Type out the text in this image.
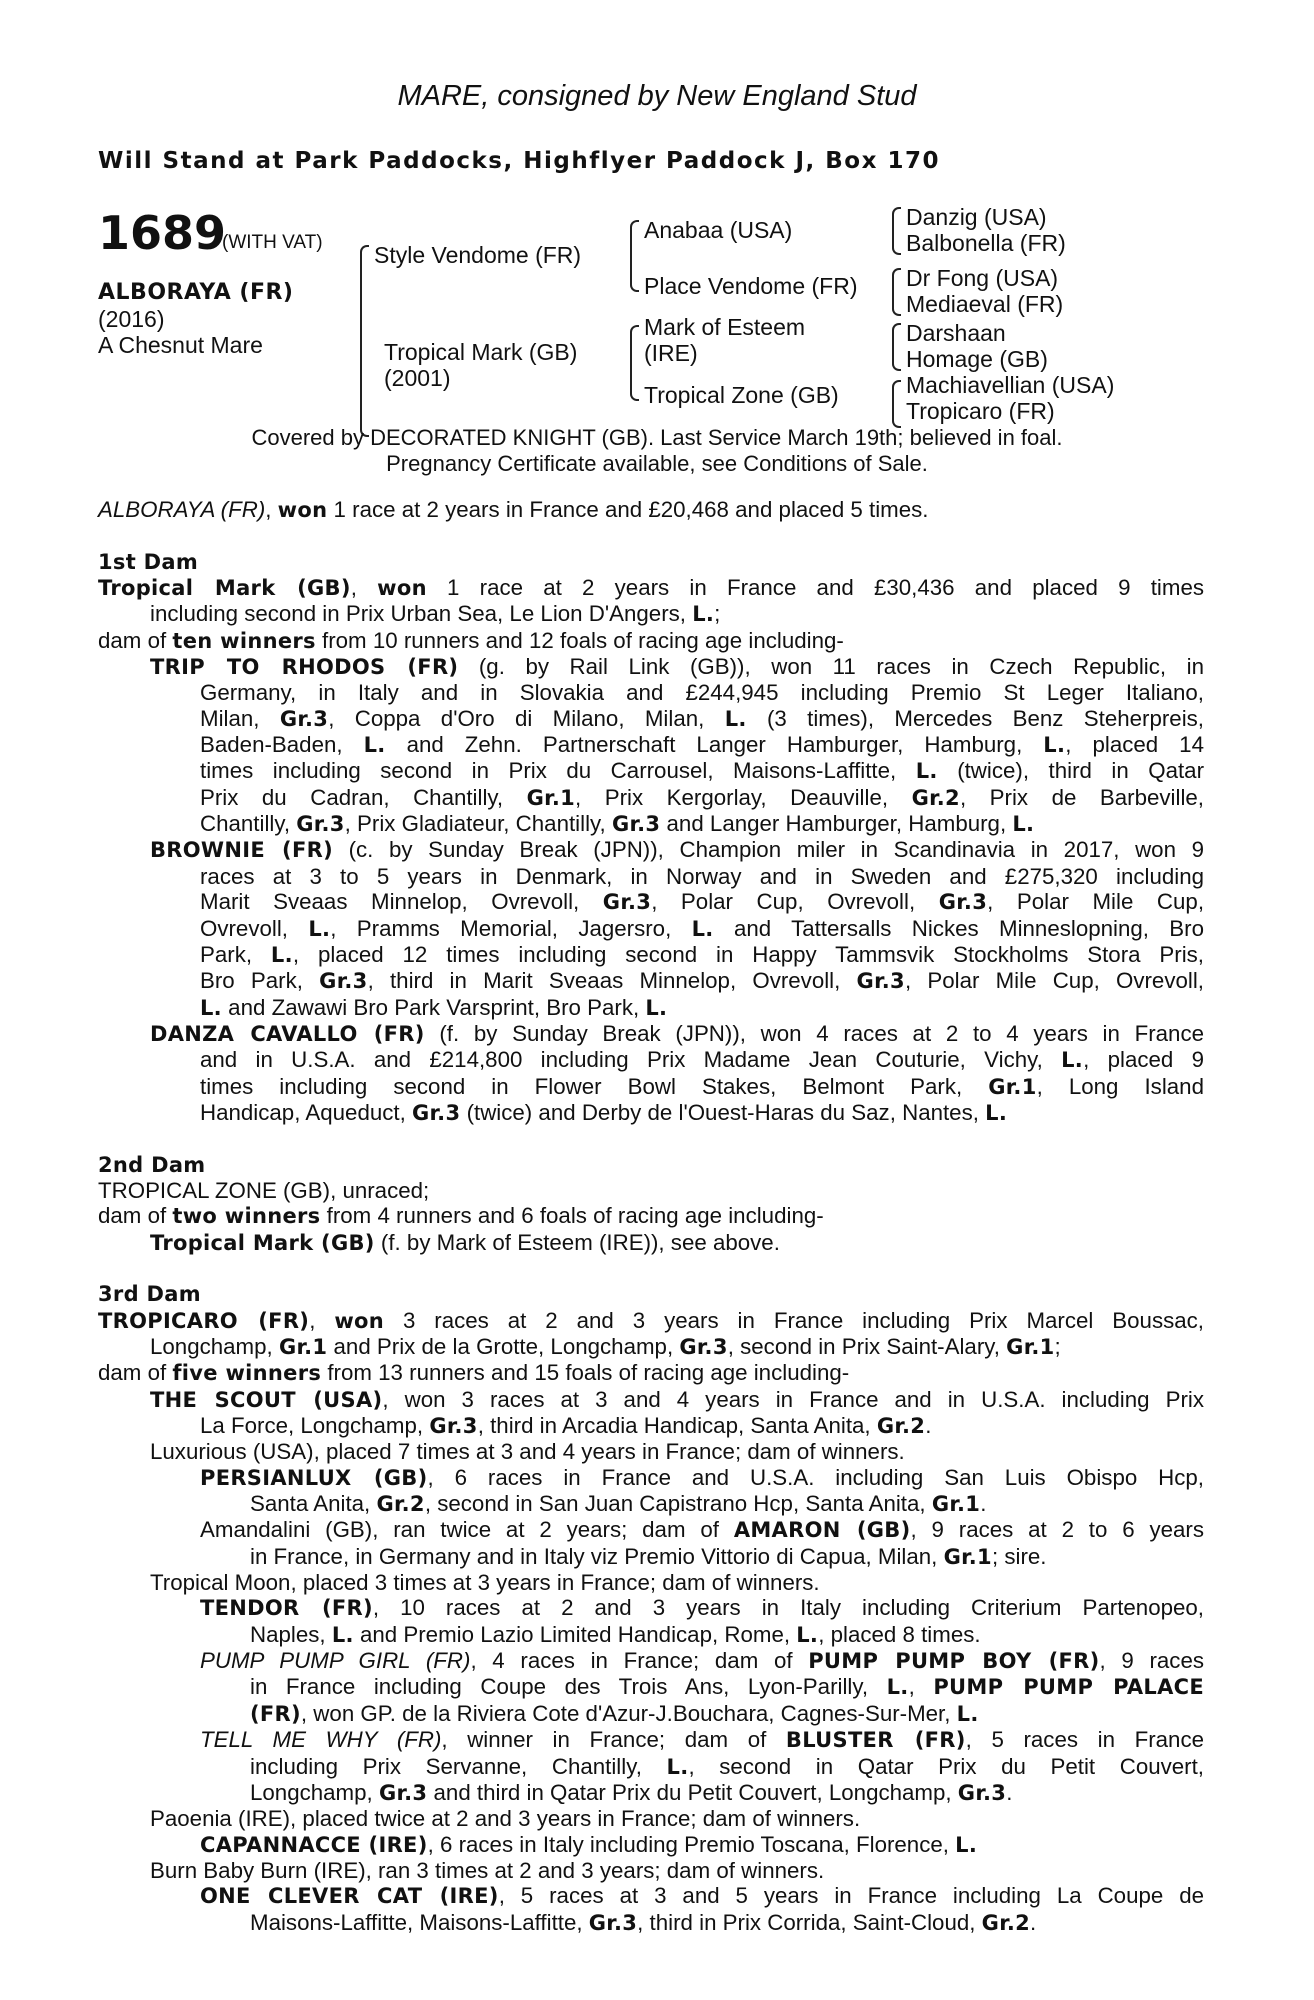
MARE, consigned by New England Stud
Will Stand at Park Paddocks, Highflyer Paddock J, Box 170
1689
(WITH VAT)
ALBORAYA (FR)
(2016)
A Chesnut Mare
Style Vendome (FR)
Tropical Mark (GB)
(2001)
Anabaa (USA)
Place Vendome (FR)
Mark of Esteem
(IRE)
Tropical Zone (GB)
Danzig (USA)
Balbonella (FR)
Dr Fong (USA)
Mediaeval (FR)
Darshaan
Homage (GB)
Machiavellian (USA)
Tropicaro (FR)
Covered by DECORATED KNIGHT (GB). Last Service March 19th; believed in foal.
Pregnancy Certificate available, see Conditions of Sale.
ALBORAYA (FR), won 1 race at 2 years in France and £20,468 and placed 5 times.
1st Dam
Tropical Mark (GB), won 1 race at 2 years in France and £30,436 and placed 9 times
including second in Prix Urban Sea, Le Lion D'Angers, L.;
dam of ten winners from 10 runners and 12 foals of racing age including-
TRIP TO RHODOS (FR) (g. by Rail Link (GB)), won 11 races in Czech Republic, in
Germany, in Italy and in Slovakia and £244,945 including Premio St Leger Italiano,
Milan, Gr.3, Coppa d'Oro di Milano, Milan, L. (3 times), Mercedes Benz Steherpreis,
Baden-Baden, L. and Zehn. Partnerschaft Langer Hamburger, Hamburg, L., placed 14
times including second in Prix du Carrousel, Maisons-Laffitte, L. (twice), third in Qatar
Prix du Cadran, Chantilly, Gr.1, Prix Kergorlay, Deauville, Gr.2, Prix de Barbeville,
Chantilly, Gr.3, Prix Gladiateur, Chantilly, Gr.3 and Langer Hamburger, Hamburg, L.
BROWNIE (FR) (c. by Sunday Break (JPN)), Champion miler in Scandinavia in 2017, won 9
races at 3 to 5 years in Denmark, in Norway and in Sweden and £275,320 including
Marit Sveaas Minnelop, Ovrevoll, Gr.3, Polar Cup, Ovrevoll, Gr.3, Polar Mile Cup,
Ovrevoll, L., Pramms Memorial, Jagersro, L. and Tattersalls Nickes Minneslopning, Bro
Park, L., placed 12 times including second in Happy Tammsvik Stockholms Stora Pris,
Bro Park, Gr.3, third in Marit Sveaas Minnelop, Ovrevoll, Gr.3, Polar Mile Cup, Ovrevoll,
L. and Zawawi Bro Park Varsprint, Bro Park, L.
DANZA CAVALLO (FR) (f. by Sunday Break (JPN)), won 4 races at 2 to 4 years in France
and in U.S.A. and £214,800 including Prix Madame Jean Couturie, Vichy, L., placed 9
times including second in Flower Bowl Stakes, Belmont Park, Gr.1, Long Island
Handicap, Aqueduct, Gr.3 (twice) and Derby de l'Ouest-Haras du Saz, Nantes, L.
2nd Dam
TROPICAL ZONE (GB), unraced;
dam of two winners from 4 runners and 6 foals of racing age including-
Tropical Mark (GB) (f. by Mark of Esteem (IRE)), see above.
3rd Dam
TROPICARO (FR), won 3 races at 2 and 3 years in France including Prix Marcel Boussac,
Longchamp, Gr.1 and Prix de la Grotte, Longchamp, Gr.3, second in Prix Saint-Alary, Gr.1;
dam of five winners from 13 runners and 15 foals of racing age including-
THE SCOUT (USA), won 3 races at 3 and 4 years in France and in U.S.A. including Prix
La Force, Longchamp, Gr.3, third in Arcadia Handicap, Santa Anita, Gr.2.
Luxurious (USA), placed 7 times at 3 and 4 years in France; dam of winners.
PERSIANLUX (GB), 6 races in France and U.S.A. including San Luis Obispo Hcp,
Santa Anita, Gr.2, second in San Juan Capistrano Hcp, Santa Anita, Gr.1.
Amandalini (GB), ran twice at 2 years; dam of AMARON (GB), 9 races at 2 to 6 years
in France, in Germany and in Italy viz Premio Vittorio di Capua, Milan, Gr.1; sire.
Tropical Moon, placed 3 times at 3 years in France; dam of winners.
TENDOR (FR), 10 races at 2 and 3 years in Italy including Criterium Partenopeo,
Naples, L. and Premio Lazio Limited Handicap, Rome, L., placed 8 times.
PUMP PUMP GIRL (FR), 4 races in France; dam of PUMP PUMP BOY (FR), 9 races
in France including Coupe des Trois Ans, Lyon-Parilly, L., PUMP PUMP PALACE
(FR), won GP. de la Riviera Cote d'Azur-J.Bouchara, Cagnes-Sur-Mer, L.
TELL ME WHY (FR), winner in France; dam of BLUSTER (FR), 5 races in France
including Prix Servanne, Chantilly, L., second in Qatar Prix du Petit Couvert,
Longchamp, Gr.3 and third in Qatar Prix du Petit Couvert, Longchamp, Gr.3.
Paoenia (IRE), placed twice at 2 and 3 years in France; dam of winners.
CAPANNACCE (IRE), 6 races in Italy including Premio Toscana, Florence, L.
Burn Baby Burn (IRE), ran 3 times at 2 and 3 years; dam of winners.
ONE CLEVER CAT (IRE), 5 races at 3 and 5 years in France including La Coupe de
Maisons-Laffitte, Maisons-Laffitte, Gr.3, third in Prix Corrida, Saint-Cloud, Gr.2.
